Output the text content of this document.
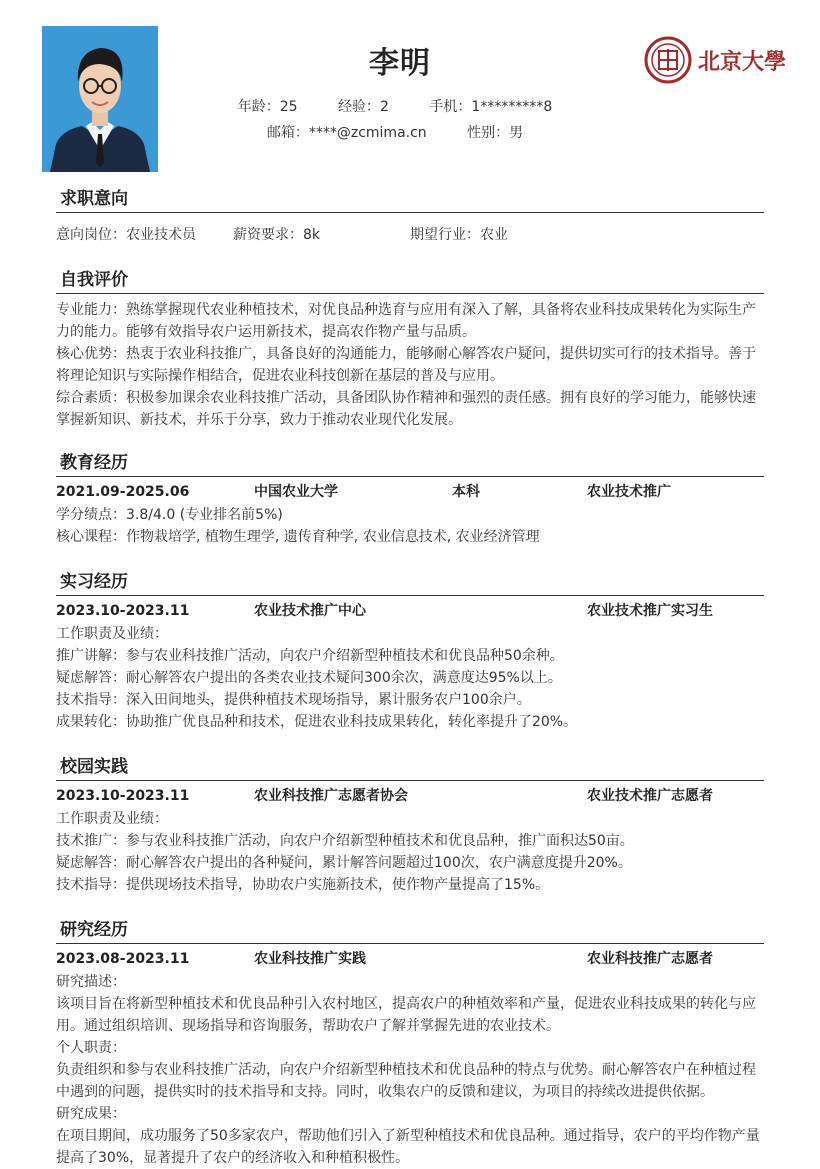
李明
年龄：25	经验：2	手机：1*********8
邮箱：****@zcmima.cn	性别：男
北京大學
求职意向
意向岗位：农业技术员	薪资要求：8k	期望行业：农业
自我评价
专业能力：熟练掌握现代农业种植技术，对优良品种选育与应用有深入了解，具备将农业科技成果转化为实际生产力的能力。能够有效指导农户运用新技术，提高农作物产量与品质。
核心优势：热衷于农业科技推广，具备良好的沟通能力，能够耐心解答农户疑问，提供切实可行的技术指导。善于将理论知识与实际操作相结合，促进农业科技创新在基层的普及与应用。
综合素质：积极参加课余农业科技推广活动，具备团队协作精神和强烈的责任感。拥有良好的学习能力，能够快速掌握新知识、新技术，并乐于分享，致力于推动农业现代化发展。
教育经历
2021.09-2025.06	中国农业大学	本科	农业技术推广
学分绩点：3.8/4.0 (专业排名前5%)
核心课程：作物栽培学, 植物生理学, 遗传育种学, 农业信息技术, 农业经济管理
实习经历
2023.10-2023.11	农业技术推广中心	农业技术推广实习生
工作职责及业绩：
推广讲解：参与农业科技推广活动，向农户介绍新型种植技术和优良品种50余种。
疑虑解答：耐心解答农户提出的各类农业技术疑问300余次，满意度达95%以上。
技术指导：深入田间地头，提供种植技术现场指导，累计服务农户100余户。
成果转化：协助推广优良品种和技术，促进农业科技成果转化，转化率提升了20%。
校园实践
2023.10-2023.11	农业科技推广志愿者协会	农业技术推广志愿者
工作职责及业绩：
技术推广：参与农业科技推广活动，向农户介绍新型种植技术和优良品种，推广面积达50亩。
疑虑解答：耐心解答农户提出的各种疑问，累计解答问题超过100次，农户满意度提升20%。
技术指导：提供现场技术指导，协助农户实施新技术，使作物产量提高了15%。
研究经历
2023.08-2023.11	农业科技推广实践	农业科技推广志愿者
研究描述：
该项目旨在将新型种植技术和优良品种引入农村地区，提高农户的种植效率和产量，促进农业科技成果的转化与应用。通过组织培训、现场指导和咨询服务，帮助农户了解并掌握先进的农业技术。
个人职责：
负责组织和参与农业科技推广活动，向农户介绍新型种植技术和优良品种的特点与优势。耐心解答农户在种植过程中遇到的问题，提供实时的技术指导和支持。同时，收集农户的反馈和建议，为项目的持续改进提供依据。
研究成果：
在项目期间，成功服务了50多家农户，帮助他们引入了新型种植技术和优良品种。通过指导，农户的平均作物产量提高了30%，显著提升了农户的经济收入和种植积极性。
